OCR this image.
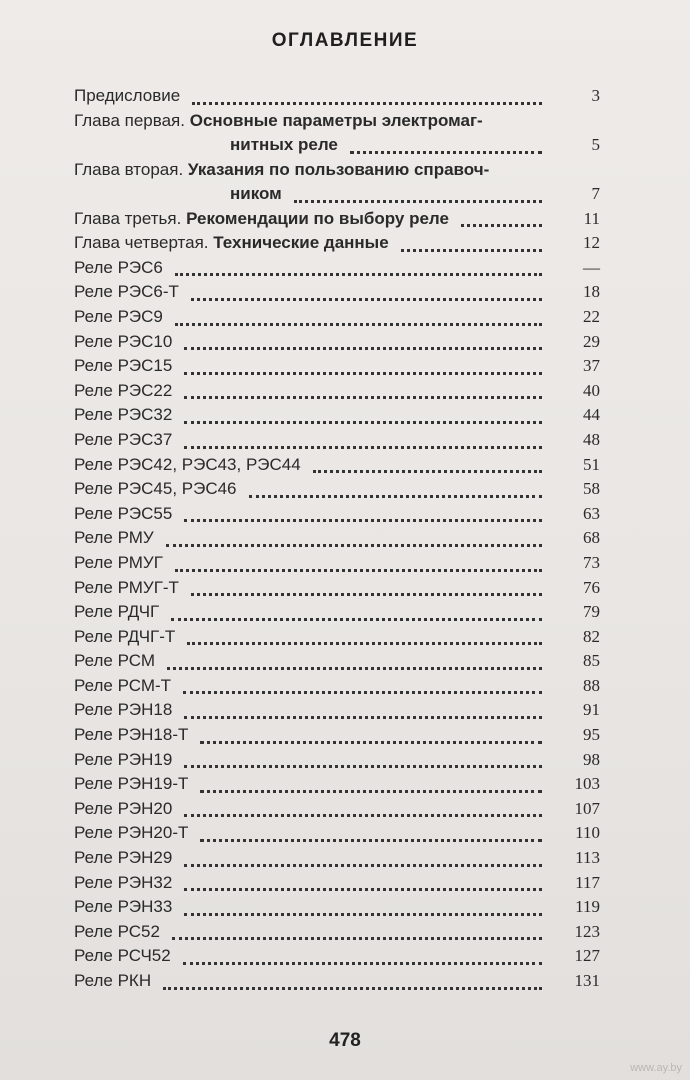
ОГЛАВЛЕНИЕ
Предисловие	3
Глава первая. Основные параметры электромаг-
нитных реле	5
Глава вторая. Указания по пользованию справоч-
ником	7
Глава третья. Рекомендации по выбору реле	11
Глава четвертая. Технические данные	12
Реле РЭС6	—
Реле РЭС6-Т	18
Реле РЭС9	22
Реле РЭС10	29
Реле РЭС15	37
Реле РЭС22	40
Реле РЭС32	44
Реле РЭС37	48
Реле РЭС42, РЭС43, РЭС44	51
Реле РЭС45, РЭС46	58
Реле РЭС55	63
Реле РМУ	68
Реле РМУГ	73
Реле РМУГ-Т	76
Реле РДЧГ	79
Реле РДЧГ-Т	82
Реле РСМ	85
Реле РСМ-Т	88
Реле РЭН18	91
Реле РЭН18-Т	95
Реле РЭН19	98
Реле РЭН19-Т	103
Реле РЭН20	107
Реле РЭН20-Т	110
Реле РЭН29	113
Реле РЭН32	117
Реле РЭН33	119
Реле РС52	123
Реле РСЧ52	127
Реле РКН	131
478
www.ay.by
